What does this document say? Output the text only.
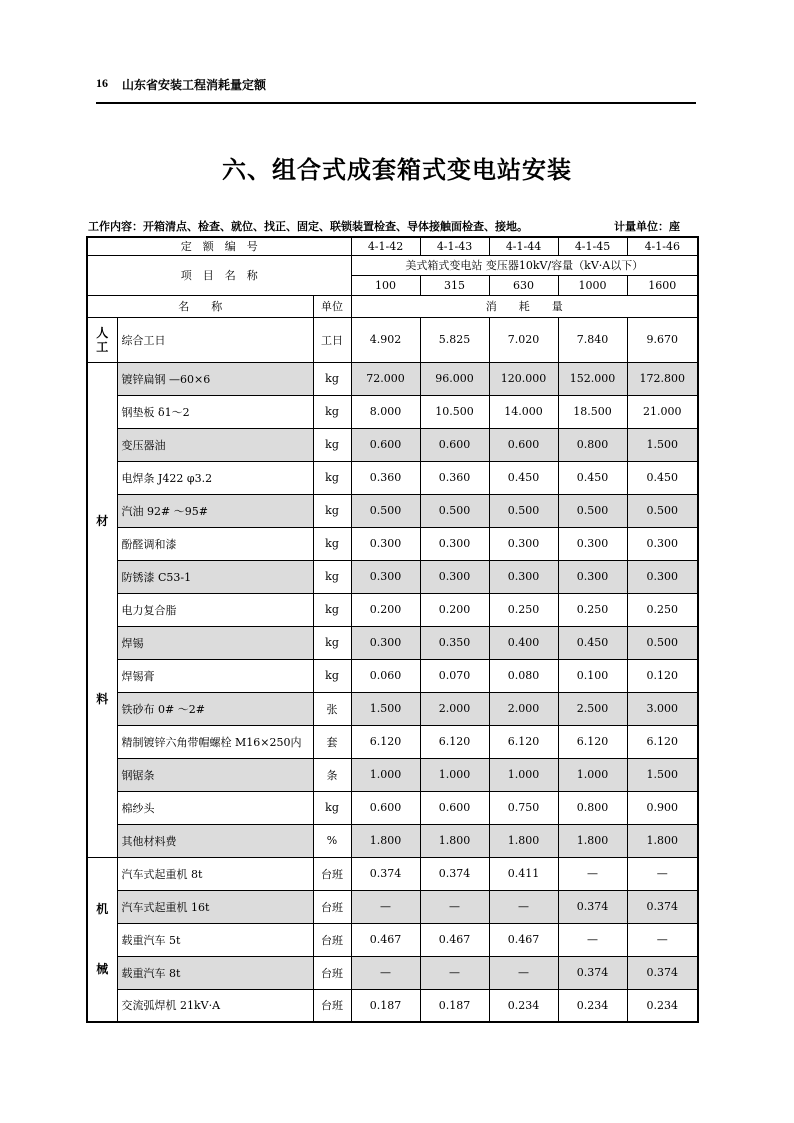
16 山东省安装工程消耗量定额
六、组合式成套箱式变电站安装
工作内容：开箱清点、检查、就位、找正、固定、联锁装置检查、导体接触面检查、接地。	计量单位：座
定　额　编　号			4-1-42	4-1-43	4-1-44	4-1-45	4-1-46
项　目　名　称			美式箱式变电站 变压器10kV/容量（kV·A以下）				
			100	315	630	1000	1600
名　　称		单位	消　　耗　　量				

人工	综合工日	工日	4.902	5.825	7.020	7.840	9.670

材
料	镀锌扁钢 —60×6	kg	72.000	96.000	120.000	152.000	172.800
	钢垫板 δ1～2	kg	8.000	10.500	14.000	18.500	21.000
	变压器油	kg	0.600	0.600	0.600	0.800	1.500
	电焊条 J422 φ3.2	kg	0.360	0.360	0.450	0.450	0.450
	汽油 92# ～95#	kg	0.500	0.500	0.500	0.500	0.500
	酚醛调和漆	kg	0.300	0.300	0.300	0.300	0.300
	防锈漆 C53-1	kg	0.300	0.300	0.300	0.300	0.300
	电力复合脂	kg	0.200	0.200	0.250	0.250	0.250
	焊锡	kg	0.300	0.350	0.400	0.450	0.500
	焊锡膏	kg	0.060	0.070	0.080	0.100	0.120
	铁砂布 0# ～2#	张	1.500	2.000	2.000	2.500	3.000
	精制镀锌六角带帽螺栓 M16×250内	套	6.120	6.120	6.120	6.120	6.120
	钢锯条	条	1.000	1.000	1.000	1.000	1.500
	棉纱头	kg	0.600	0.600	0.750	0.800	0.900
	其他材料费	%	1.800	1.800	1.800	1.800	1.800

机
械	汽车式起重机 8t	台班	0.374	0.374	0.411	—	—
	汽车式起重机 16t	台班	—	—	—	0.374	0.374
	载重汽车 5t	台班	0.467	0.467	0.467	—	—
	载重汽车 8t	台班	—	—	—	0.374	0.374
	交流弧焊机 21kV·A	台班	0.187	0.187	0.234	0.234	0.234
